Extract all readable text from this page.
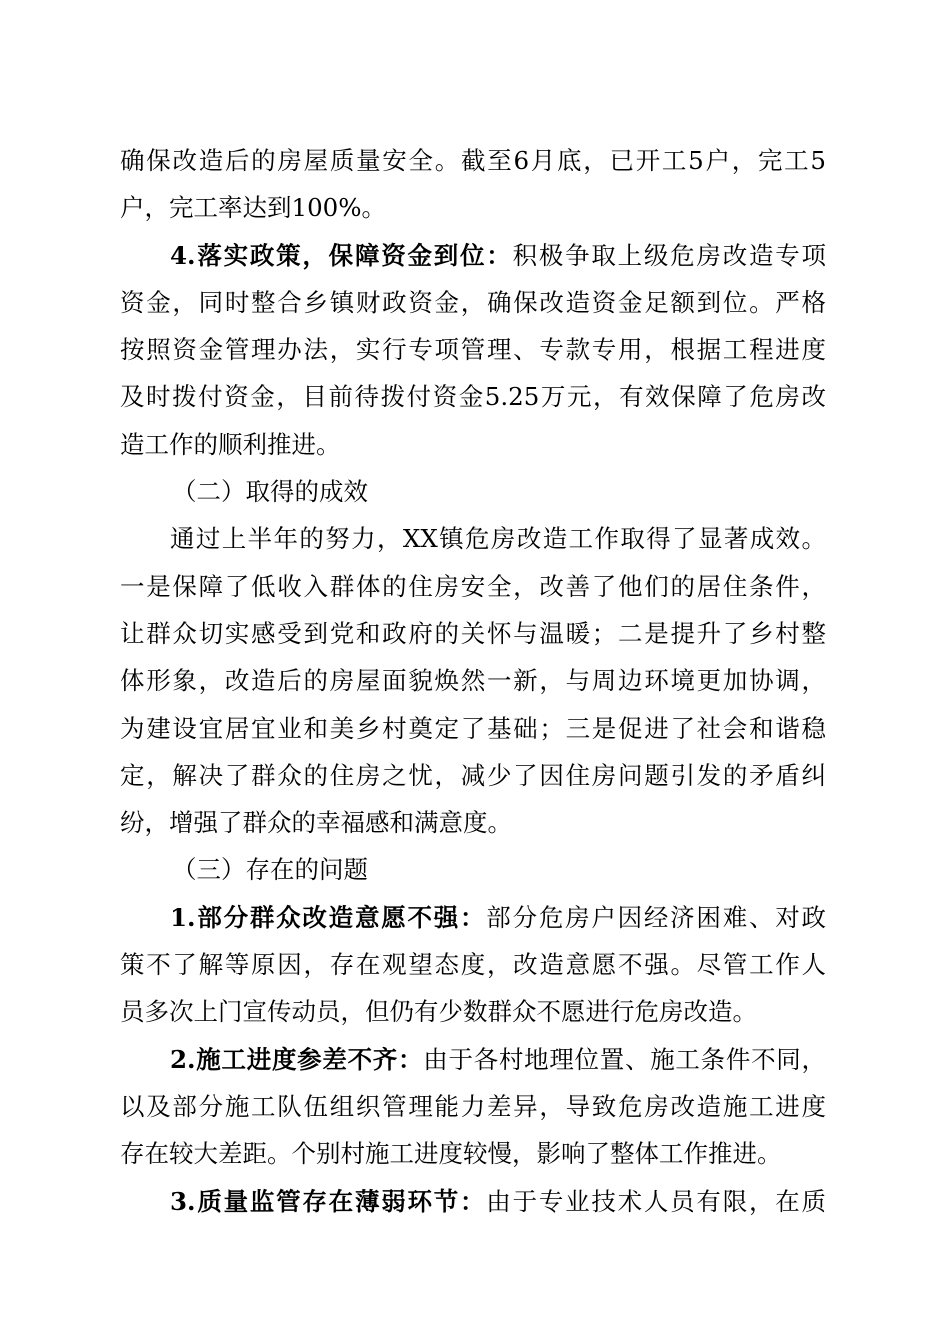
确保改造后的房屋质量安全。截至6月底，已开工5户，完工5
户，完工率达到100%。
4.落实政策，保障资金到位：积极争取上级危房改造专项
资金，同时整合乡镇财政资金，确保改造资金足额到位。严格
按照资金管理办法，实行专项管理、专款专用，根据工程进度
及时拨付资金，目前待拨付资金5.25万元，有效保障了危房改
造工作的顺利推进。
（二）取得的成效
通过上半年的努力，XX镇危房改造工作取得了显著成效。
一是保障了低收入群体的住房安全，改善了他们的居住条件，
让群众切实感受到党和政府的关怀与温暖；二是提升了乡村整
体形象，改造后的房屋面貌焕然一新，与周边环境更加协调，
为建设宜居宜业和美乡村奠定了基础；三是促进了社会和谐稳
定，解决了群众的住房之忧，减少了因住房问题引发的矛盾纠
纷，增强了群众的幸福感和满意度。
（三）存在的问题
1.部分群众改造意愿不强：部分危房户因经济困难、对政
策不了解等原因，存在观望态度，改造意愿不强。尽管工作人
员多次上门宣传动员，但仍有少数群众不愿进行危房改造。
2.施工进度参差不齐：由于各村地理位置、施工条件不同，
以及部分施工队伍组织管理能力差异，导致危房改造施工进度
存在较大差距。个别村施工进度较慢，影响了整体工作推进。
3.质量监管存在薄弱环节：由于专业技术人员有限，在质
